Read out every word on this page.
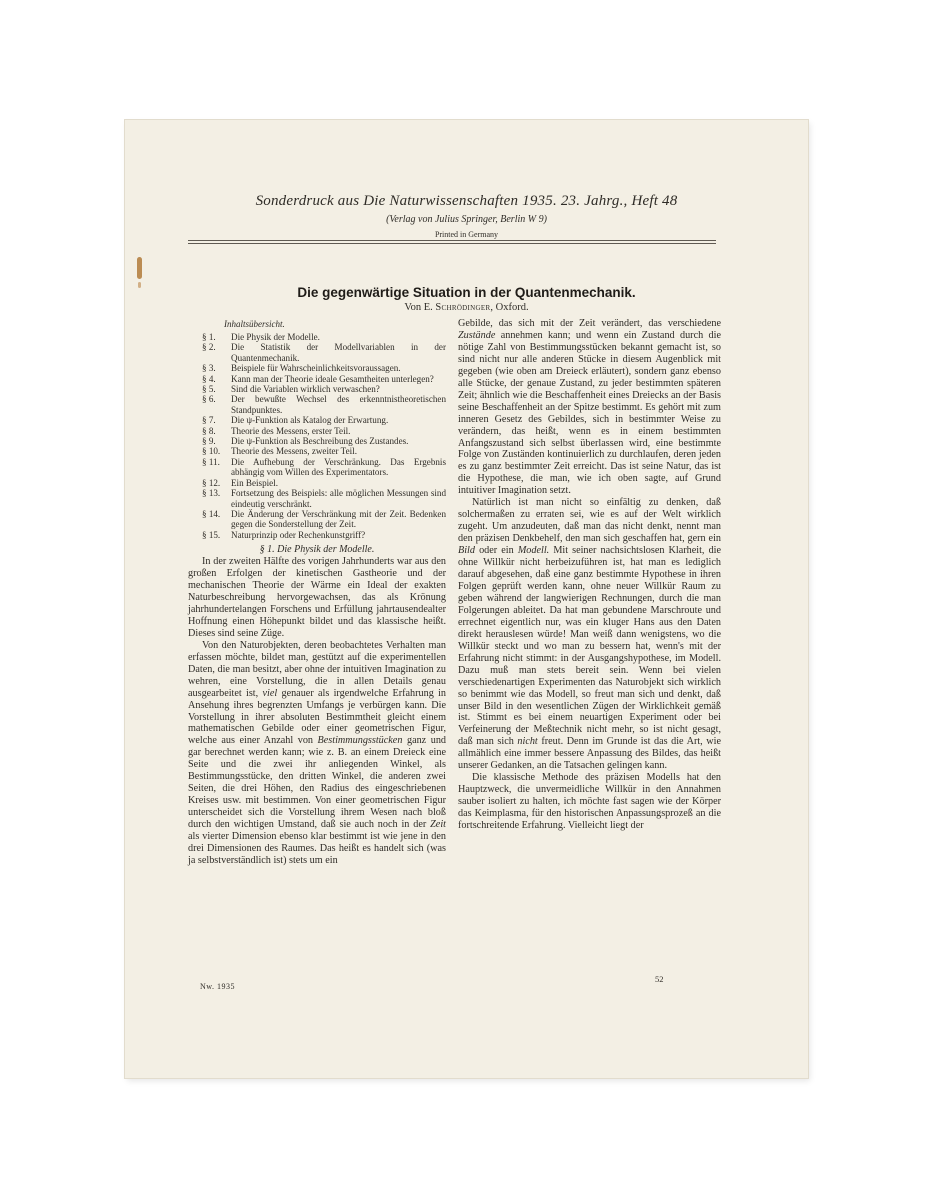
Sonderdruck aus Die Naturwissenschaften 1935. 23. Jahrg., Heft 48
(Verlag von Julius Springer, Berlin W 9)
Printed in Germany
Die gegenwärtige Situation in der Quantenmechanik.
Von E. Schrödinger, Oxford.
Inhaltsübersicht.
§ 1.	Die Physik der Modelle.
§ 2.	Die Statistik der Modellvariablen in der Quantenmechanik.
§ 3.	Beispiele für Wahrscheinlichkeitsvoraussagen.
§ 4.	Kann man der Theorie ideale Gesamtheiten unterlegen?
§ 5.	Sind die Variablen wirklich verwaschen?
§ 6.	Der bewußte Wechsel des erkenntnistheoretischen Standpunktes.
§ 7.	Die ψ-Funktion als Katalog der Erwartung.
§ 8.	Theorie des Messens, erster Teil.
§ 9.	Die ψ-Funktion als Beschreibung des Zustandes.
§ 10.	Theorie des Messens, zweiter Teil.
§ 11.	Die Aufhebung der Verschränkung. Das Ergebnis abhängig vom Willen des Experimentators.
§ 12.	Ein Beispiel.
§ 13.	Fortsetzung des Beispiels: alle möglichen Messungen sind eindeutig verschränkt.
§ 14.	Die Änderung der Verschränkung mit der Zeit. Bedenken gegen die Sonderstellung der Zeit.
§ 15.	Naturprinzip oder Rechenkunstgriff?
§ 1. Die Physik der Modelle.

In der zweiten Hälfte des vorigen Jahrhunderts war aus den großen Erfolgen der kinetischen Gastheorie und der mechanischen Theorie der Wärme ein Ideal der exakten Naturbeschreibung hervorgewachsen, das als Krönung jahrhundertelangen Forschens und Erfüllung jahrtausendealter Hoffnung einen Höhepunkt bildet und das klassische heißt. Dieses sind seine Züge.

Von den Naturobjekten, deren beobachtetes Verhalten man erfassen möchte, bildet man, gestützt auf die experimentellen Daten, die man besitzt, aber ohne der intuitiven Imagination zu wehren, eine Vorstellung, die in allen Details genau ausgearbeitet ist, viel genauer als irgendwelche Erfahrung in Ansehung ihres begrenzten Umfangs je verbürgen kann. Die Vorstellung in ihrer absoluten Bestimmtheit gleicht einem mathematischen Gebilde oder einer geometrischen Figur, welche aus einer Anzahl von Bestimmungsstücken ganz und gar berechnet werden kann; wie z. B. an einem Dreieck eine Seite und die zwei ihr anliegenden Winkel, als Bestimmungsstücke, den dritten Winkel, die anderen zwei Seiten, die drei Höhen, den Radius des eingeschriebenen Kreises usw. mit bestimmen. Von einer geometrischen Figur unterscheidet sich die Vorstellung ihrem Wesen nach bloß durch den wichtigen Umstand, daß sie auch noch in der Zeit als vierter Dimension ebenso klar bestimmt ist wie jene in den drei Dimensionen des Raumes. Das heißt es handelt sich (was ja selbstverständlich ist) stets um ein

Gebilde, das sich mit der Zeit verändert, das verschiedene Zustände annehmen kann; und wenn ein Zustand durch die nötige Zahl von Bestimmungsstücken bekannt gemacht ist, so sind nicht nur alle anderen Stücke in diesem Augenblick mit gegeben (wie oben am Dreieck erläutert), sondern ganz ebenso alle Stücke, der genaue Zustand, zu jeder bestimmten späteren Zeit; ähnlich wie die Beschaffenheit eines Dreiecks an der Basis seine Beschaffenheit an der Spitze bestimmt. Es gehört mit zum inneren Gesetz des Gebildes, sich in bestimmter Weise zu verändern, das heißt, wenn es in einem bestimmten Anfangszustand sich selbst überlassen wird, eine bestimmte Folge von Zuständen kontinuierlich zu durchlaufen, deren jeden es zu ganz bestimmter Zeit erreicht. Das ist seine Natur, das ist die Hypothese, die man, wie ich oben sagte, auf Grund intuitiver Imagination setzt.

Natürlich ist man nicht so einfältig zu denken, daß solchermaßen zu erraten sei, wie es auf der Welt wirklich zugeht. Um anzudeuten, daß man das nicht denkt, nennt man den präzisen Denkbehelf, den man sich geschaffen hat, gern ein Bild oder ein Modell. Mit seiner nachsichtslosen Klarheit, die ohne Willkür nicht herbeizuführen ist, hat man es lediglich darauf abgesehen, daß eine ganz bestimmte Hypothese in ihren Folgen geprüft werden kann, ohne neuer Willkür Raum zu geben während der langwierigen Rechnungen, durch die man Folgerungen ableitet. Da hat man gebundene Marschroute und errechnet eigentlich nur, was ein kluger Hans aus den Daten direkt herauslesen würde! Man weiß dann wenigstens, wo die Willkür steckt und wo man zu bessern hat, wenn's mit der Erfahrung nicht stimmt: in der Ausgangshypothese, im Modell. Dazu muß man stets bereit sein. Wenn bei vielen verschiedenartigen Experimenten das Naturobjekt sich wirklich so benimmt wie das Modell, so freut man sich und denkt, daß unser Bild in den wesentlichen Zügen der Wirklichkeit gemäß ist. Stimmt es bei einem neuartigen Experiment oder bei Verfeinerung der Meßtechnik nicht mehr, so ist nicht gesagt, daß man sich nicht freut. Denn im Grunde ist das die Art, wie allmählich eine immer bessere Anpassung des Bildes, das heißt unserer Gedanken, an die Tatsachen gelingen kann.

Die klassische Methode des präzisen Modells hat den Hauptzweck, die unvermeidliche Willkür in den Annahmen sauber isoliert zu halten, ich möchte fast sagen wie der Körper das Keimplasma, für den historischen Anpassungsprozeß an die fortschreitende Erfahrung. Vielleicht liegt der

Nw. 1935
52
